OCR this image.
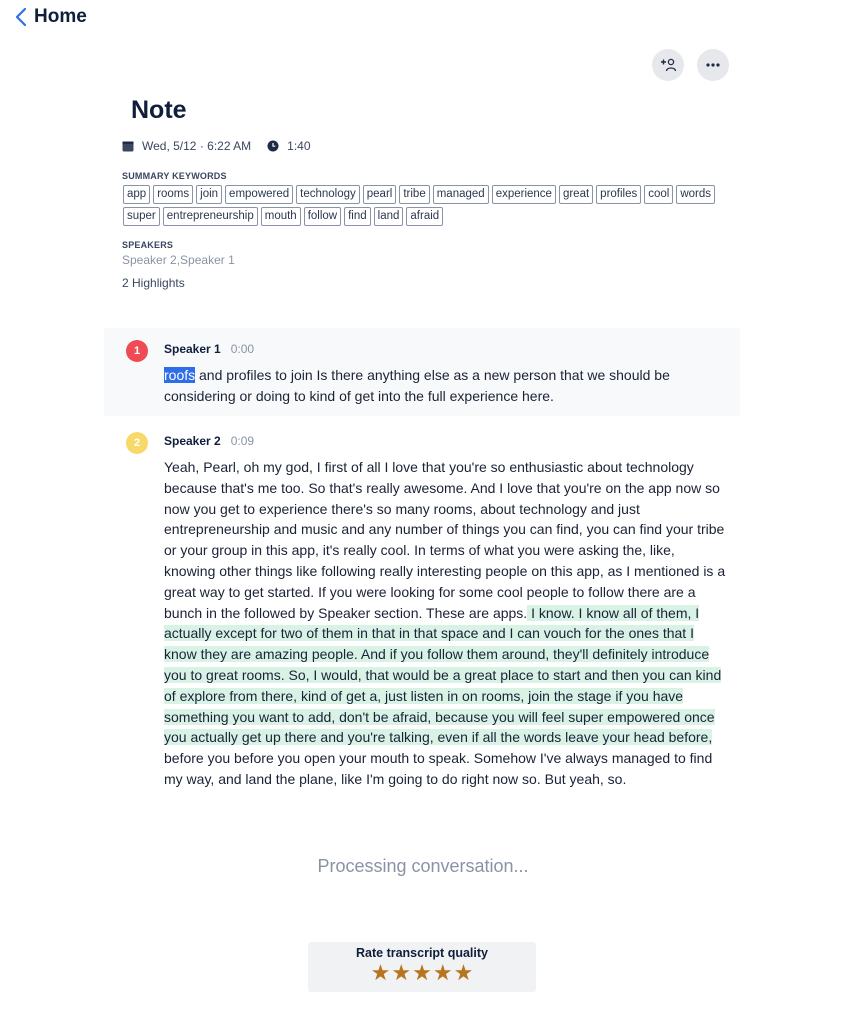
Home
Note
Wed, 5/12 · 6:22 AM	1:40
SUMMARY KEYWORDS
app rooms join empowered technology pearl tribe managed experience great profiles cool words
super entrepreneurship mouth follow find land afraid
SPEAKERS
Speaker 2,Speaker 1
2 Highlights
1	Speaker 1 0:00
roofs and profiles to join Is there anything else as a new person that we should be considering or doing to kind of get into the full experience here.
2	Speaker 2 0:09
Yeah, Pearl, oh my god, I first of all I love that you're so enthusiastic about technology because that's me too. So that's really awesome. And I love that you're on the app now so now you get to experience there's so many rooms, about technology and just entrepreneurship and music and any number of things you can find, you can find your tribe or your group in this app, it's really cool. In terms of what you were asking the, like, knowing other things like following really interesting people on this app, as I mentioned is a great way to get started. If you were looking for some cool people to follow there are a bunch in the followed by Speaker section. These are apps. I know. I know all of them, I actually except for two of them in that in that space and I can vouch for the ones that I know they are amazing people. And if you follow them around, they'll definitely introduce you to great rooms. So, I would, that would be a great place to start and then you can kind of explore from there, kind of get a, just listen in on rooms, join the stage if you have something you want to add, don't be afraid, because you will feel super empowered once you actually get up there and you're talking, even if all the words leave your head before, before you before you open your mouth to speak. Somehow I've always managed to find my way, and land the plane, like I'm going to do right now so. But yeah, so.
Processing conversation...
Rate transcript quality
★ ★ ★ ★ ★
